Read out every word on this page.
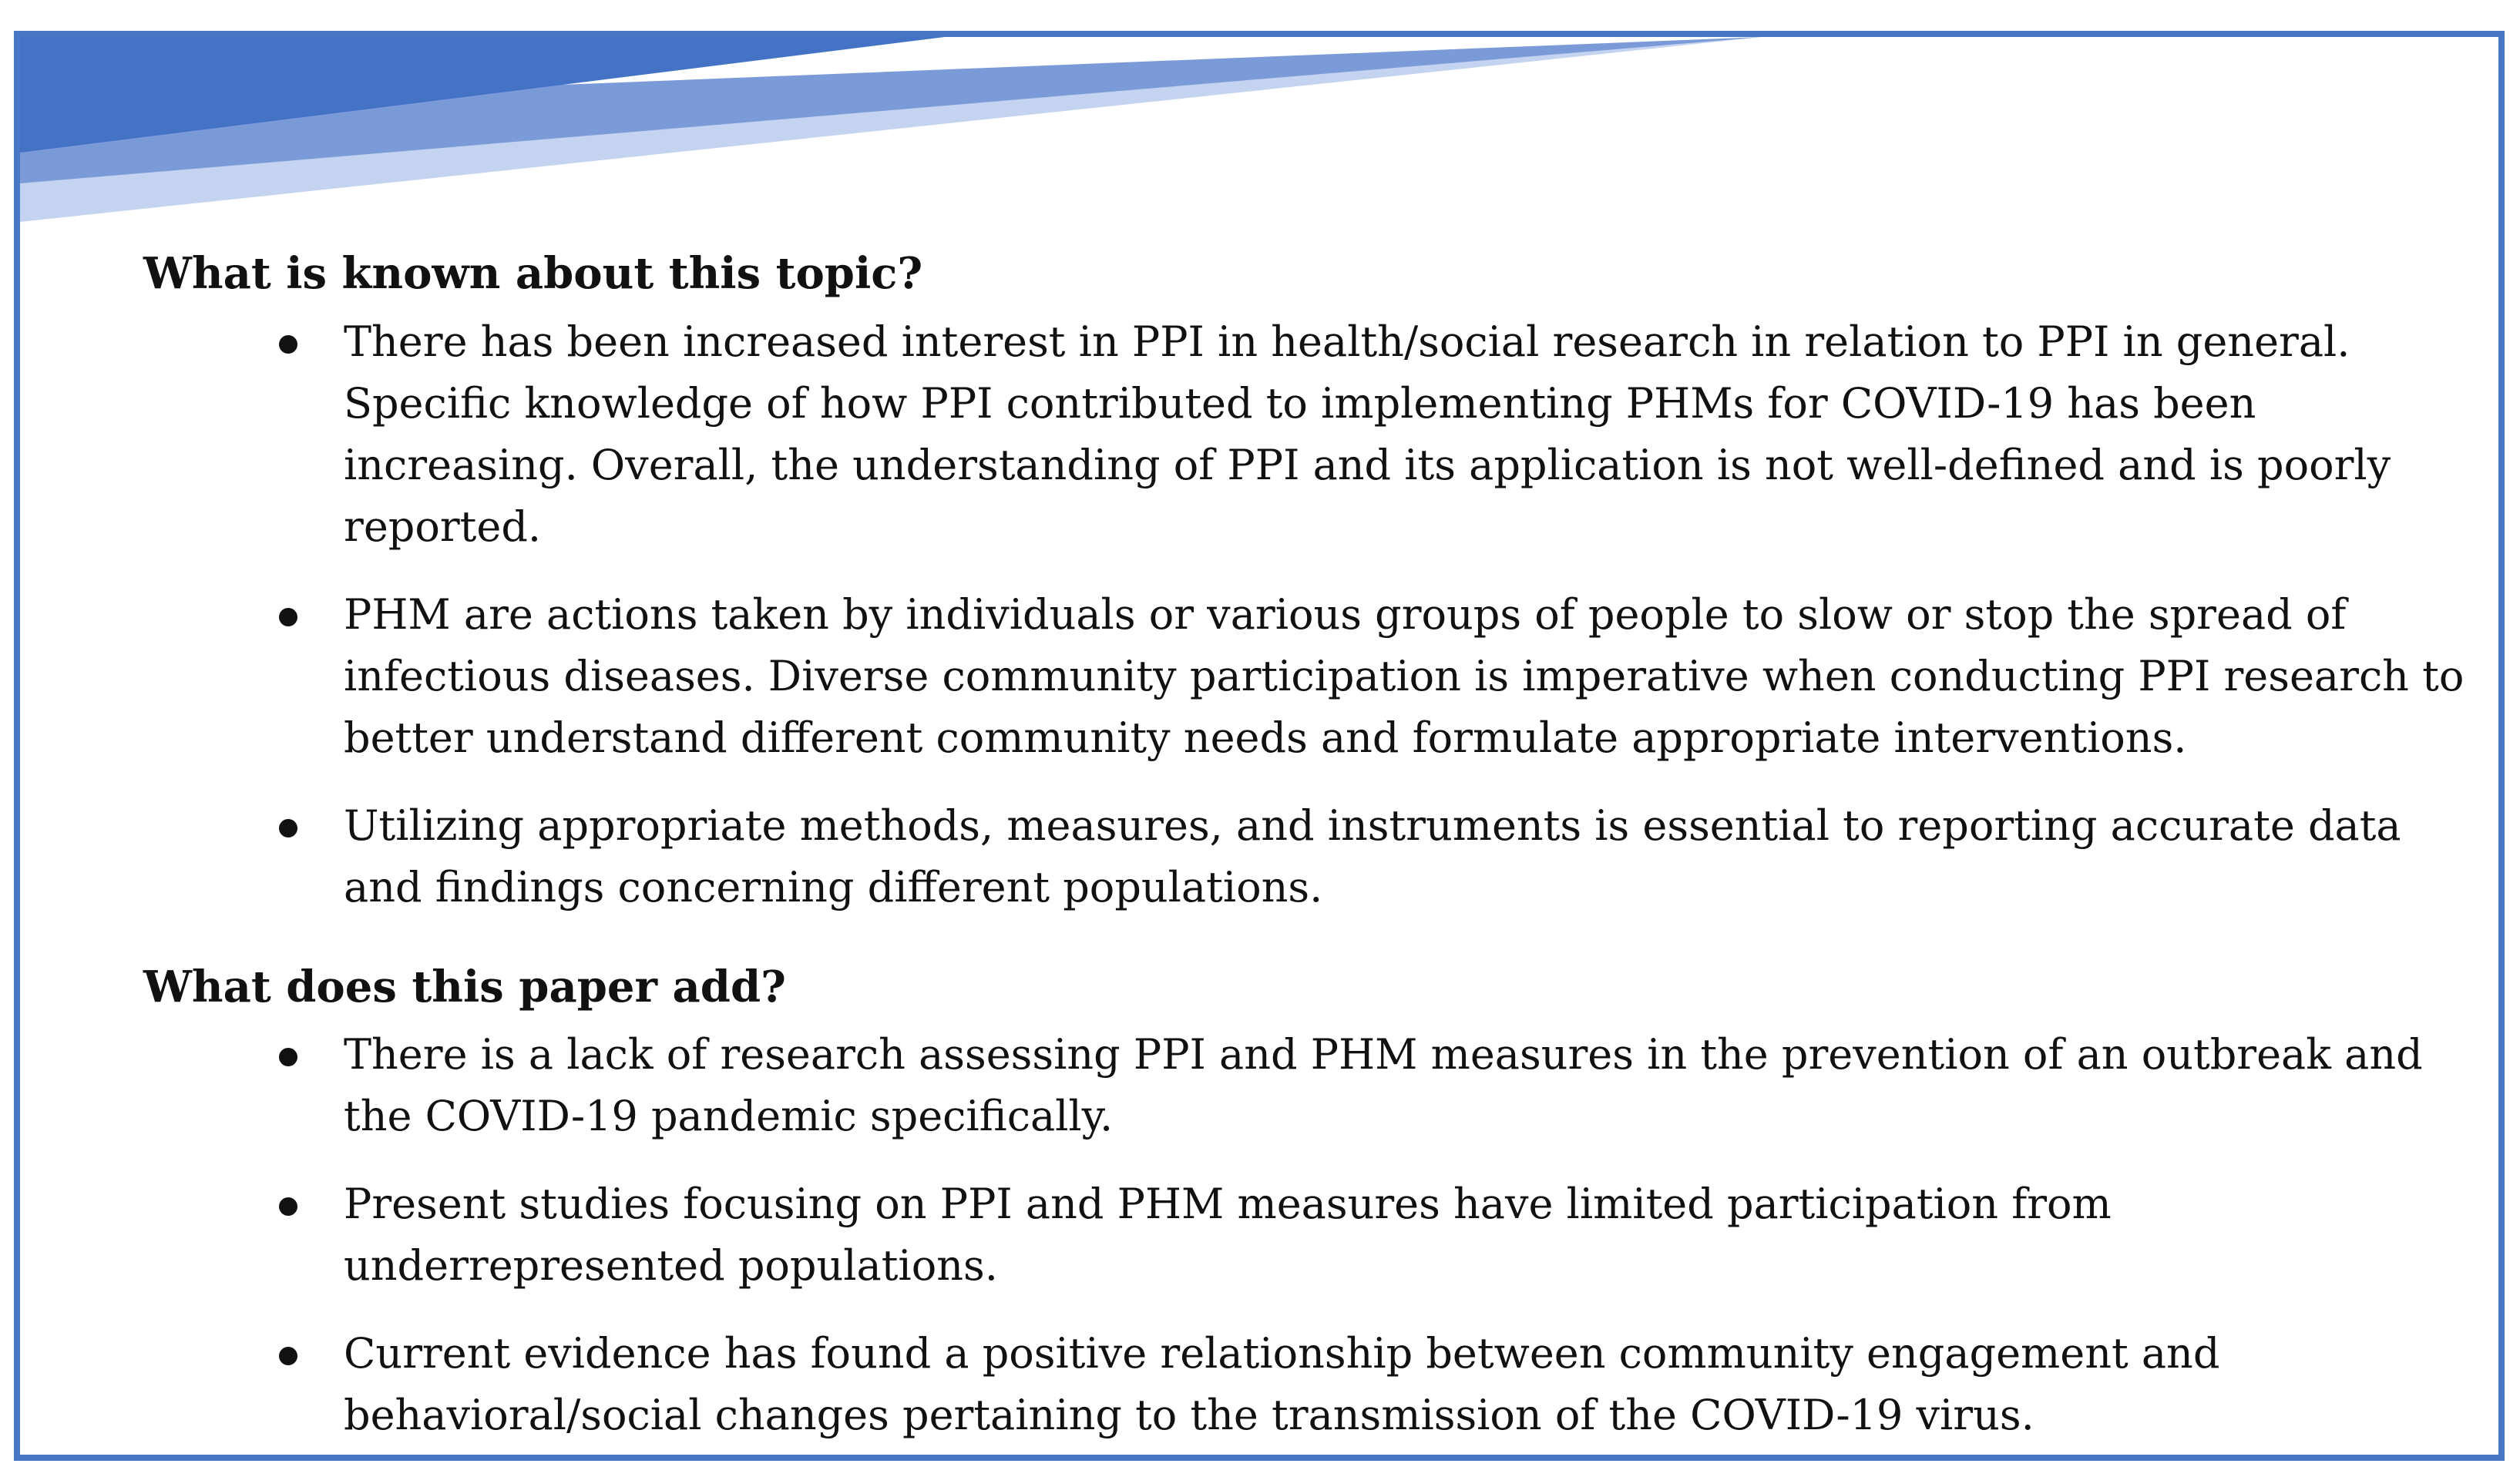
What is known about this topic?
There has been increased interest in PPI in health/social research in relation to PPI in general. Specific knowledge of how PPI contributed to implementing PHMs for COVID-19 has been increasing. Overall, the understanding of PPI and its application is not well-defined and is poorly reported.
PHM are actions taken by individuals or various groups of people to slow or stop the spread of infectious diseases. Diverse community participation is imperative when conducting PPI research to better understand different community needs and formulate appropriate interventions.
Utilizing appropriate methods, measures, and instruments is essential to reporting accurate data and findings concerning different populations.
What does this paper add?
There is a lack of research assessing PPI and PHM measures in the prevention of an outbreak and the COVID-19 pandemic specifically.
Present studies focusing on PPI and PHM measures have limited participation from underrepresented populations.
Current evidence has found a positive relationship between community engagement and behavioral/social changes pertaining to the transmission of the COVID-19 virus.
